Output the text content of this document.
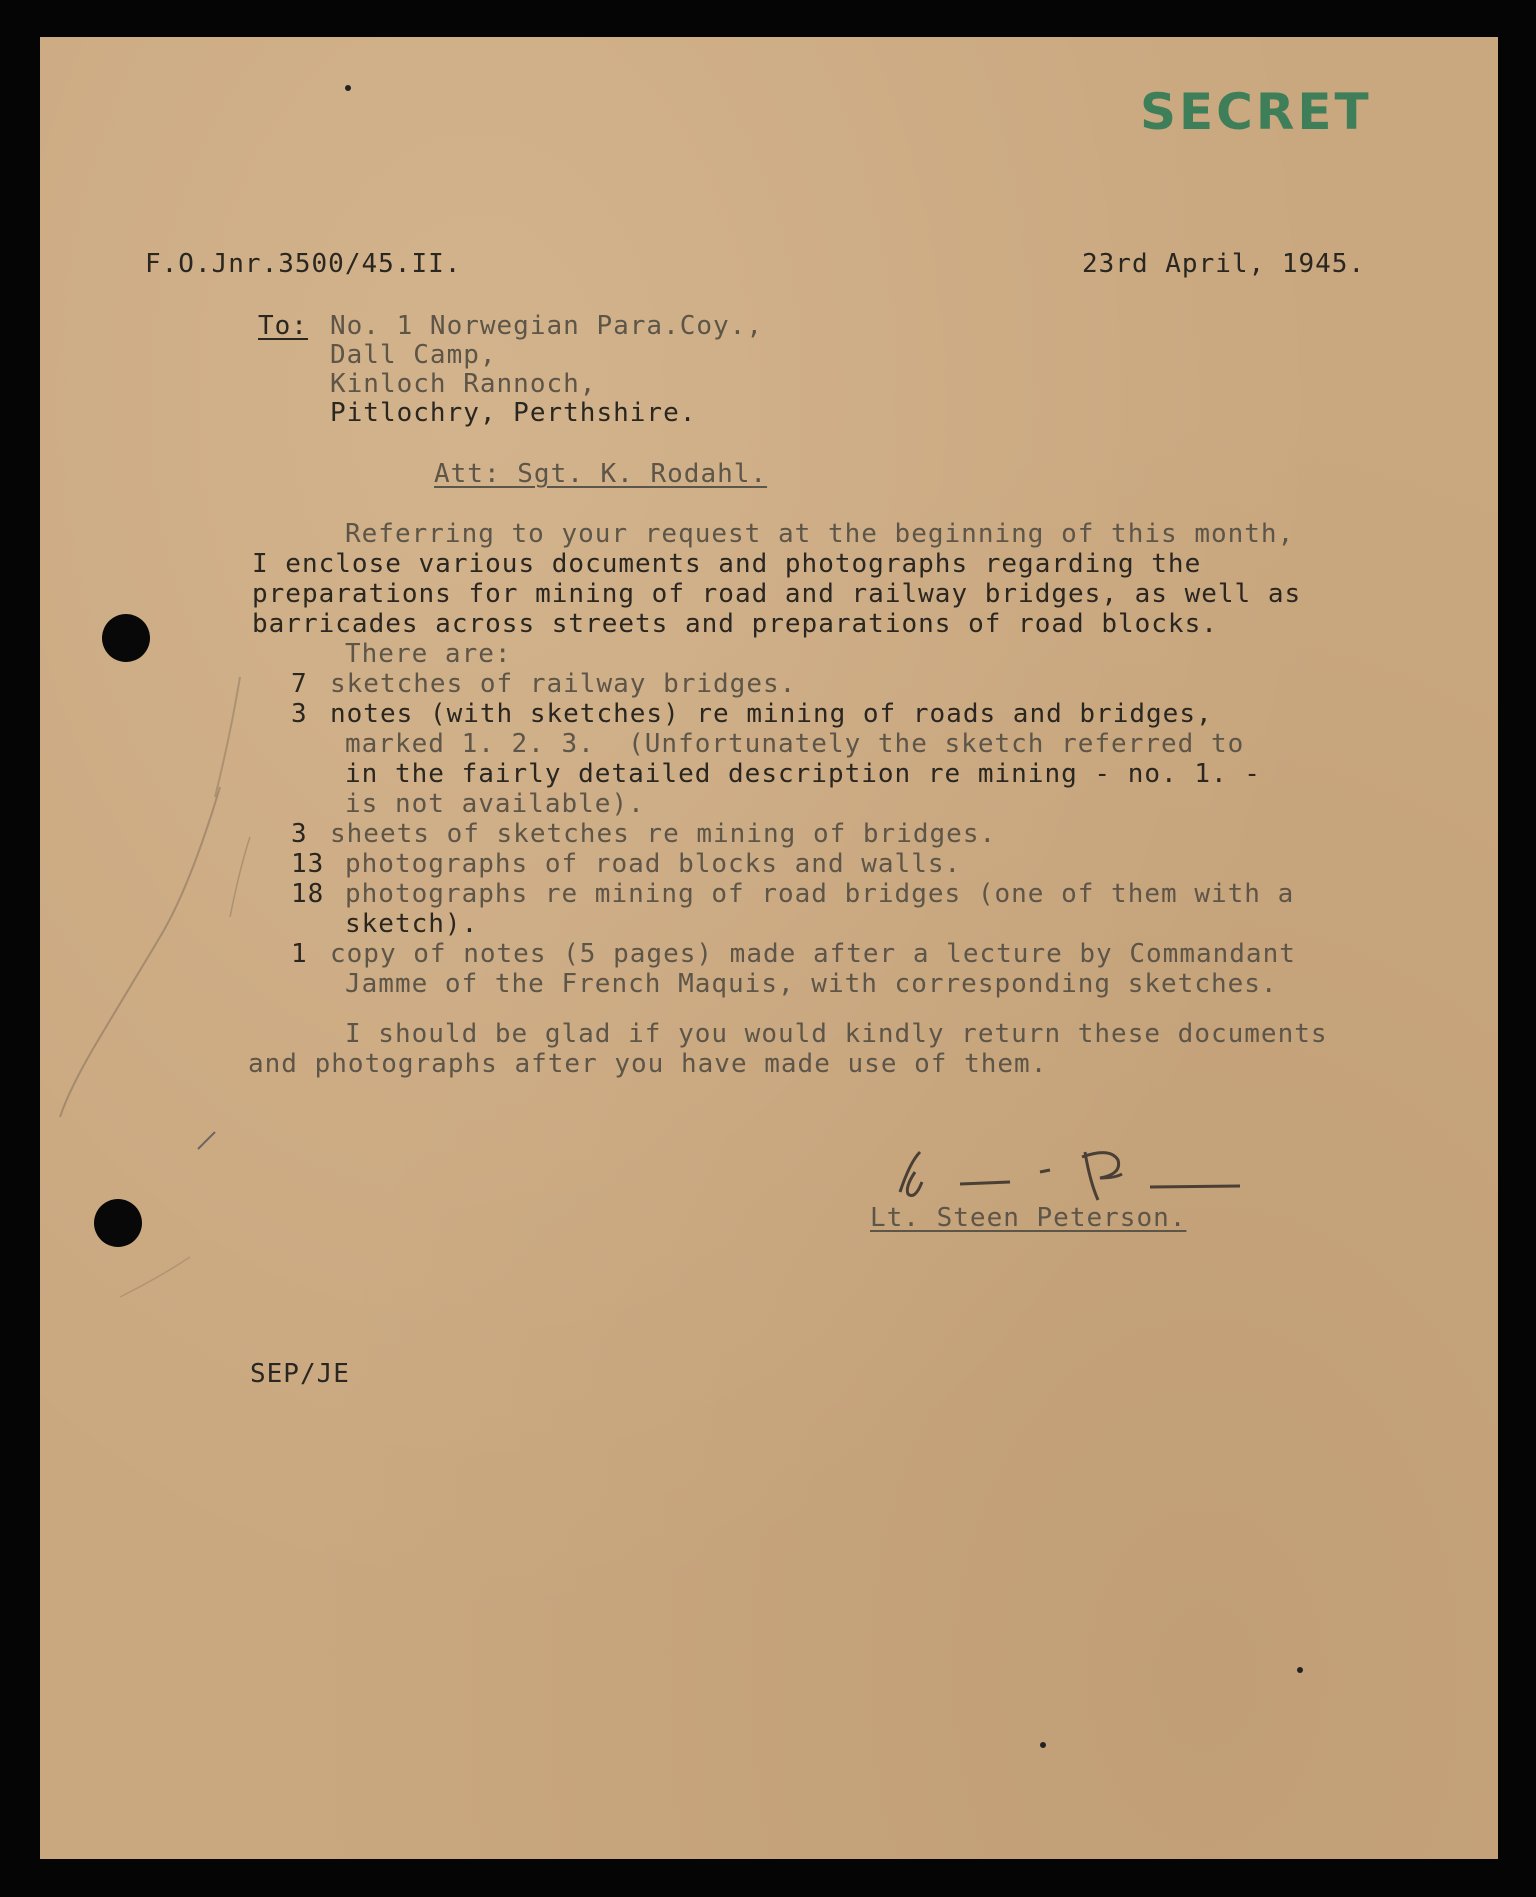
SECRET
F.O.Jnr.3500/45.II.	23rd April, 1945.
To: No. 1 Norwegian Para.Coy.,
Dall Camp,
Kinloch Rannoch,
Pitlochry, Perthshire.
Att: Sgt. K. Rodahl.
Referring to your request at the beginning of this month,
I enclose various documents and photographs regarding the
preparations for mining of road and railway bridges, as well as
barricades across streets and preparations of road blocks.
There are:
7 sketches of railway bridges.
3 notes (with sketches) re mining of roads and bridges,
marked 1. 2. 3.  (Unfortunately the sketch referred to
in the fairly detailed description re mining - no. 1. -
is not available).
3 sheets of sketches re mining of bridges.
13 photographs of road blocks and walls.
18 photographs re mining of road bridges (one of them with a
sketch).
1 copy of notes (5 pages) made after a lecture by Commandant
Jamme of the French Maquis, with corresponding sketches.
I should be glad if you would kindly return these documents
and photographs after you have made use of them.
Lt. Steen Peterson.
SEP/JE
